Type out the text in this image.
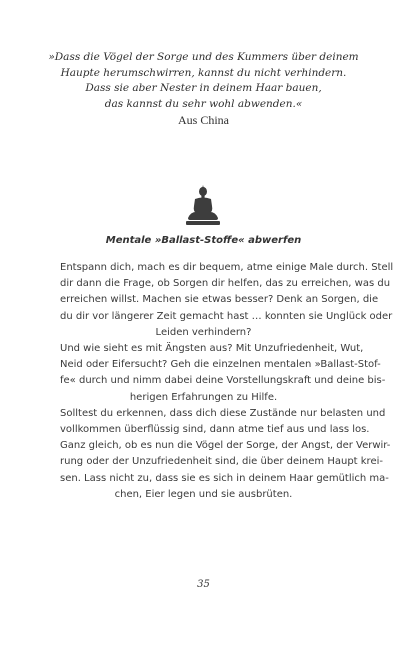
»Dass die Vögel der Sorge und des Kummers über deinem
Haupte herumschwirren, kannst du nicht verhindern.
Dass sie aber Nester in deinem Haar bauen,
das kannst du sehr wohl abwenden.«
Aus China
Mentale »Ballast-Stoffe« abwerfen
Entspann dich, mach es dir bequem, atme einige Male durch. Stell
dir dann die Frage, ob Sorgen dir helfen, das zu erreichen, was du
erreichen willst. Machen sie etwas besser? Denk an Sorgen, die
du dir vor längerer Zeit gemacht hast … konnten sie Unglück oder
Leiden verhindern?
Und wie sieht es mit Ängsten aus? Mit Unzufriedenheit, Wut,
Neid oder Eifersucht? Geh die einzelnen mentalen »Ballast-Stof-
fe« durch und nimm dabei deine Vorstellungskraft und deine bis-
herigen Erfahrungen zu Hilfe.
Solltest du erkennen, dass dich diese Zustände nur belasten und
vollkommen überflüssig sind, dann atme tief aus und lass los.
Ganz gleich, ob es nun die Vögel der Sorge, der Angst, der Verwir-
rung oder der Unzufriedenheit sind, die über deinem Haupt krei-
sen. Lass nicht zu, dass sie es sich in deinem Haar gemütlich ma-
chen, Eier legen und sie ausbrüten.
35
